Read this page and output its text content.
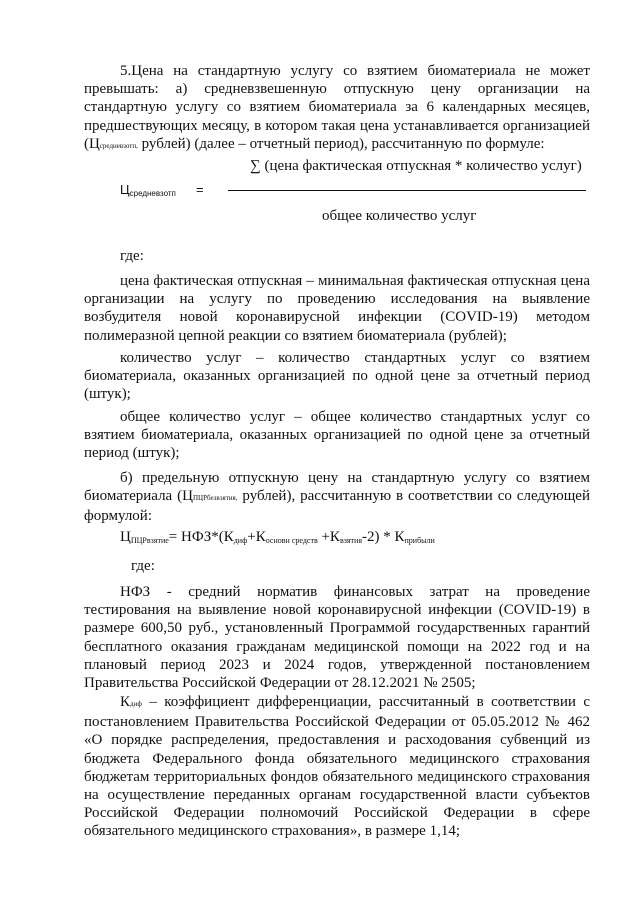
5.Цена на стандартную услугу со взятием биоматериала не может превышать: а) средневзвешенную отпускную цену организации на стандартную услугу со взятием биоматериала за 6 календарных месяцев, предшествующих месяцу, в котором такая цена устанавливается организацией (Цсредневзотп, рублей) (далее – отчетный период), рассчитанную по формуле:

∑ (цена фактическая отпускная * количество услуг)
$Ц_{средневзотп}$ =
общее количество услуг
где:

цена фактическая отпускная – минимальная фактическая отпускная цена организации на услугу по проведению исследования на выявление возбудителя новой коронавирусной инфекции (COVID-19) методом полимеразной цепной реакции со взятием биоматериала (рублей);

количество услуг – количество стандартных услуг со взятием биоматериала, оказанных организацией по одной цене за отчетный период (штук);

общее количество услуг – общее количество стандартных услуг со взятием биоматериала, оказанных организацией по одной цене за отчетный период (штук);

б) предельную отпускную цену на стандартную услугу со взятием биоматериала (ЦПЦРбезвзятия, рублей), рассчитанную в соответствии со следующей формулой:

$Ц_{ПЦРвзятие}= НФЗ*(К_{диф}+К_{основн средств} +К_{взятия}-2) * К_{прибыли}$
где:

НФЗ - средний норматив финансовых затрат на проведение тестирования на выявление новой коронавирусной инфекции (COVID-19) в размере 600,50 руб., установленный Программой государственных гарантий бесплатного оказания гражданам медицинской помощи на 2022 год и на плановый период 2023 и 2024 годов, утвержденной постановлением Правительства Российской Федерации от 28.12.2021 № 2505;

Кдиф – коэффициент дифференциации, рассчитанный в соответствии с постановлением Правительства Российской Федерации от 05.05.2012 № 462 «О порядке распределения, предоставления и расходования субвенций из бюджета Федерального фонда обязательного медицинского страхования бюджетам территориальных фондов обязательного медицинского страхования на осуществление переданных органам государственной власти субъектов Российской Федерации полномочий Российской Федерации в сфере обязательного медицинского страхования», в размере 1,14;
